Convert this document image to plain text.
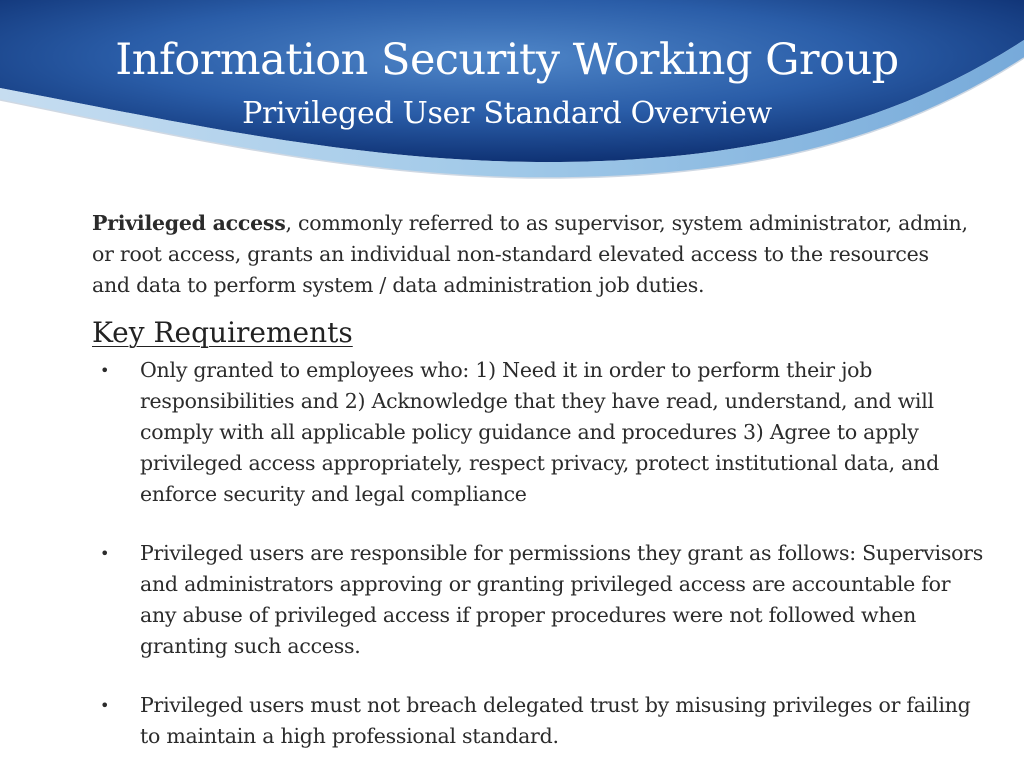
Information Security Working Group
Privileged User Standard Overview

Privileged access, commonly referred to as supervisor, system administrator, admin, or root access, grants an individual non-standard elevated access to the resources and data to perform system / data administration job duties.

Key Requirements
• Only granted to employees who: 1) Need it in order to perform their job responsibilities and 2) Acknowledge that they have read, understand, and will comply with all applicable policy guidance and procedures 3) Agree to apply privileged access appropriately, respect privacy, protect institutional data, and enforce security and legal compliance
• Privileged users are responsible for permissions they grant as follows: Supervisors and administrators approving or granting privileged access are accountable for any abuse of privileged access if proper procedures were not followed when granting such access.
• Privileged users must not breach delegated trust by misusing privileges or failing to maintain a high professional standard.
